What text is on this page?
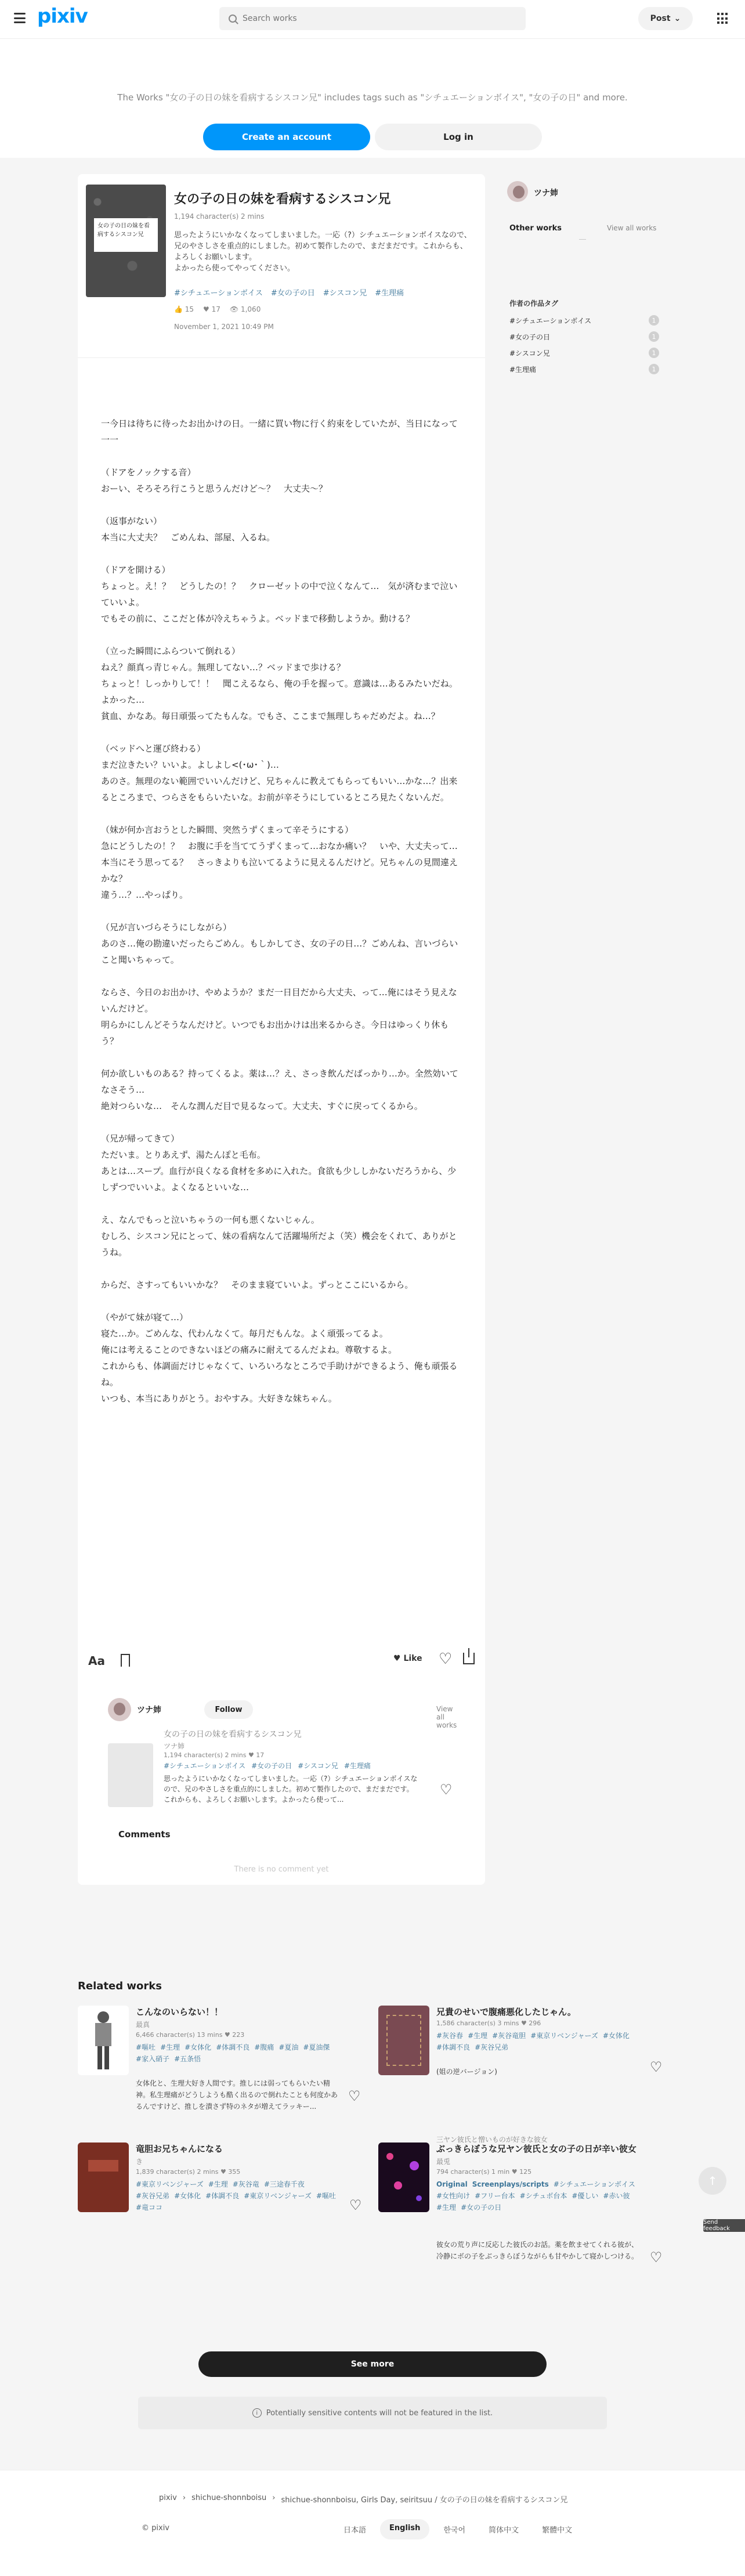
pixiv
Search works	Post ⌄
The Works "女の子の日の妹を看病するシスコン兄" includes tags such as "シチュエーションボイス", "女の子の日" and more.
Create an account	Log in
女の子の日の妹を看病するシスコン兄
女の子の日の妹を看病するシスコン兄
1,194 character(s) 2 mins
思ったようにいかなくなってしまいました。一応（?）シチュエーションボイスなので、兄のやさしさを重点的にしました。初めて製作したので、まだまだです。これからも、よろしくお願いします。
よかったら使ってやってください。
#シチュエーションボイス #女の子の日 #シスコン兄 #生理痛
👍 15 ♥ 17 👁 1,060
November 1, 2021 10:49 PM

一今日は待ちに待ったお出かけの日。一緒に買い物に行く約束をしていたが、当日になって一一

（ドアをノックする音）

おーい、そろそろ行こうと思うんだけど〜？　大丈夫〜？

（返事がない）

本当に大丈夫？　ごめんね、部屋、入るね。

（ドアを開ける）

ちょっと。え！？　どうしたの！？　クローゼットの中で泣くなんて…　気が済むまで泣いていいよ。

でもその前に、ここだと体が冷えちゃうよ。ベッドまで移動しようか。動ける？

（立った瞬間にふらついて倒れる）

ねえ？顔真っ青じゃん。無理してない…？ベッドまで歩ける？

ちょっと！しっかりして！！　聞こえるなら、俺の手を握って。意識は…あるみたいだね。よかった…

貧血、かなあ。毎日頑張ってたもんな。でもさ、ここまで無理しちゃだめだよ。ね…？

（ベッドへと運び終わる）

まだ泣きたい？いいよ。よしよし<(･ω･｀)…

あのさ。無理のない範囲でいいんだけど、兄ちゃんに教えてもらってもいい…かな…？出来るところまで、つらさをもらいたいな。お前が辛そうにしているところ見たくないんだ。

（妹が何か言おうとした瞬間、突然うずくまって辛そうにする）

急にどうしたの！？　お腹に手を当ててうずくまって…おなか痛い？　いや、大丈夫って…

本当にそう思ってる？　さっきよりも泣いてるように見えるんだけど。兄ちゃんの見間違えかな？

違う…？…やっぱり。

（兄が言いづらそうにしながら）

あのさ…俺の勘違いだったらごめん。もしかしてさ、女の子の日…？ごめんね、言いづらいこと聞いちゃって。

ならさ、今日のお出かけ、やめようか？まだ一日目だから大丈夫、って…俺にはそう見えないんだけど。

明らかにしんどそうなんだけど。いつでもお出かけは出来るからさ。今日はゆっくり休もう？

何か欲しいものある？持ってくるよ。薬は…？え、さっき飲んだばっかり…か。全然効いてなさそう…

絶対つらいな…　そんな潤んだ目で見るなって。大丈夫、すぐに戻ってくるから。

（兄が帰ってきて）

ただいま。とりあえず、湯たんぽと毛布。

あとは…スープ。血行が良くなる食材を多めに入れた。食欲も少ししかないだろうから、少しずつでいいよ。よくなるといいな…

え、なんでもっと泣いちゃうの一何も悪くないじゃん。

むしろ、シスコン兄にとって、妹の看病なんて活躍場所だよ（笑）機会をくれて、ありがとうね。

からだ、さすってもいいかな？　そのまま寝ていいよ。ずっとここにいるから。

（やがて妹が寝て…）

寝た…か。ごめんな、代わんなくて。毎月だもんな。よく頑張ってるよ。

俺には考えることのできないほどの痛みに耐えてるんだよね。尊敬するよ。

これからも、体調面だけじゃなくて、いろいろなところで手助けができるよう、俺も頑張るね。

いつも、本当にありがとう。おやすみ。大好きな妹ちゃん。

Aa	♥ Like ♡
ツナ姉	Follow	View all works
女の子の日の妹を看病するシスコン兄
ツナ姉
1,194 character(s) 2 mins ♥ 17
#シチュエーションボイス #女の子の日 #シスコン兄 #生理痛
思ったようにいかなくなってしまいました。一応（?）シチュエーションボイスなので、兄のやさしさを重点的にしました。初めて製作したので、まだまだです。これからも、よろしくお願いします。よかったら使って...
♡
Comments
There is no comment yet
ツナ姉
Other works	View all works
作者の作品タグ
#シチュエーションボイス	1
#女の子の日	1
#シスコン兄	1
#生理痛	1
Related works
こんなのいらない！！
最真
6,466 character(s) 13 mins ♥ 223
#嘔吐 #生理 #女体化 #体調不良 #腹痛 #夏油 #夏油傑
#家入硝子 #五条悟
女体化と、生理大好き人間です。推しには弱ってもらいたい精神。私生理痛がどうしようも酷く出るので倒れたことも何度かあるんですけど、推しを潰さず特のネタが増えてラッキー...
♡
兄貴のせいで腹痛悪化したじゃん。
1,586 character(s) 3 mins ♥ 296
#灰谷春 #生理 #灰谷竜胆 #東京リベンジャーズ #女体化
#体調不良 #灰谷兄弟
(姐の逆バージョン)	♡
竜胆お兄ちゃんになる
き
1,839 character(s) 2 mins ♥ 355
#東京リベンジャーズ #生理 #灰谷竜 #三途春千夜
#灰谷兄弟 #女体化 #体調不良 #東京リベンジャーズ #嘔吐
#竜ココ	♡
三ヤン彼氏と憎いものが好きな彼女
ぶっきらぼうな兄ヤン彼氏と女の子の日が辛い彼女
最兎
794 character(s) 1 min ♥ 125
Original Screenplays/scripts #シチュエーションボイス
#女性向け #フリー台本 #シチュボ台本 #優しい #赤い彼
#生理 #女の子の日
彼女の荒り声に反応した彼氏のお話。薬を飲ませてくれる彼が、冷静にボの子をぶっきらぼうながらも甘やかして寝かしつける。 ♡
↑
Send feedback
See more
i	Potentially sensitive contents will not be featured in the list.
pixiv › shichue-shonnboisu › shichue-shonnboisu, Girls Day, seiritsuu / 女の子の日の妹を看病するシスコン兄
© pixiv	日本語	English	한국어	简体中文	繁體中文
